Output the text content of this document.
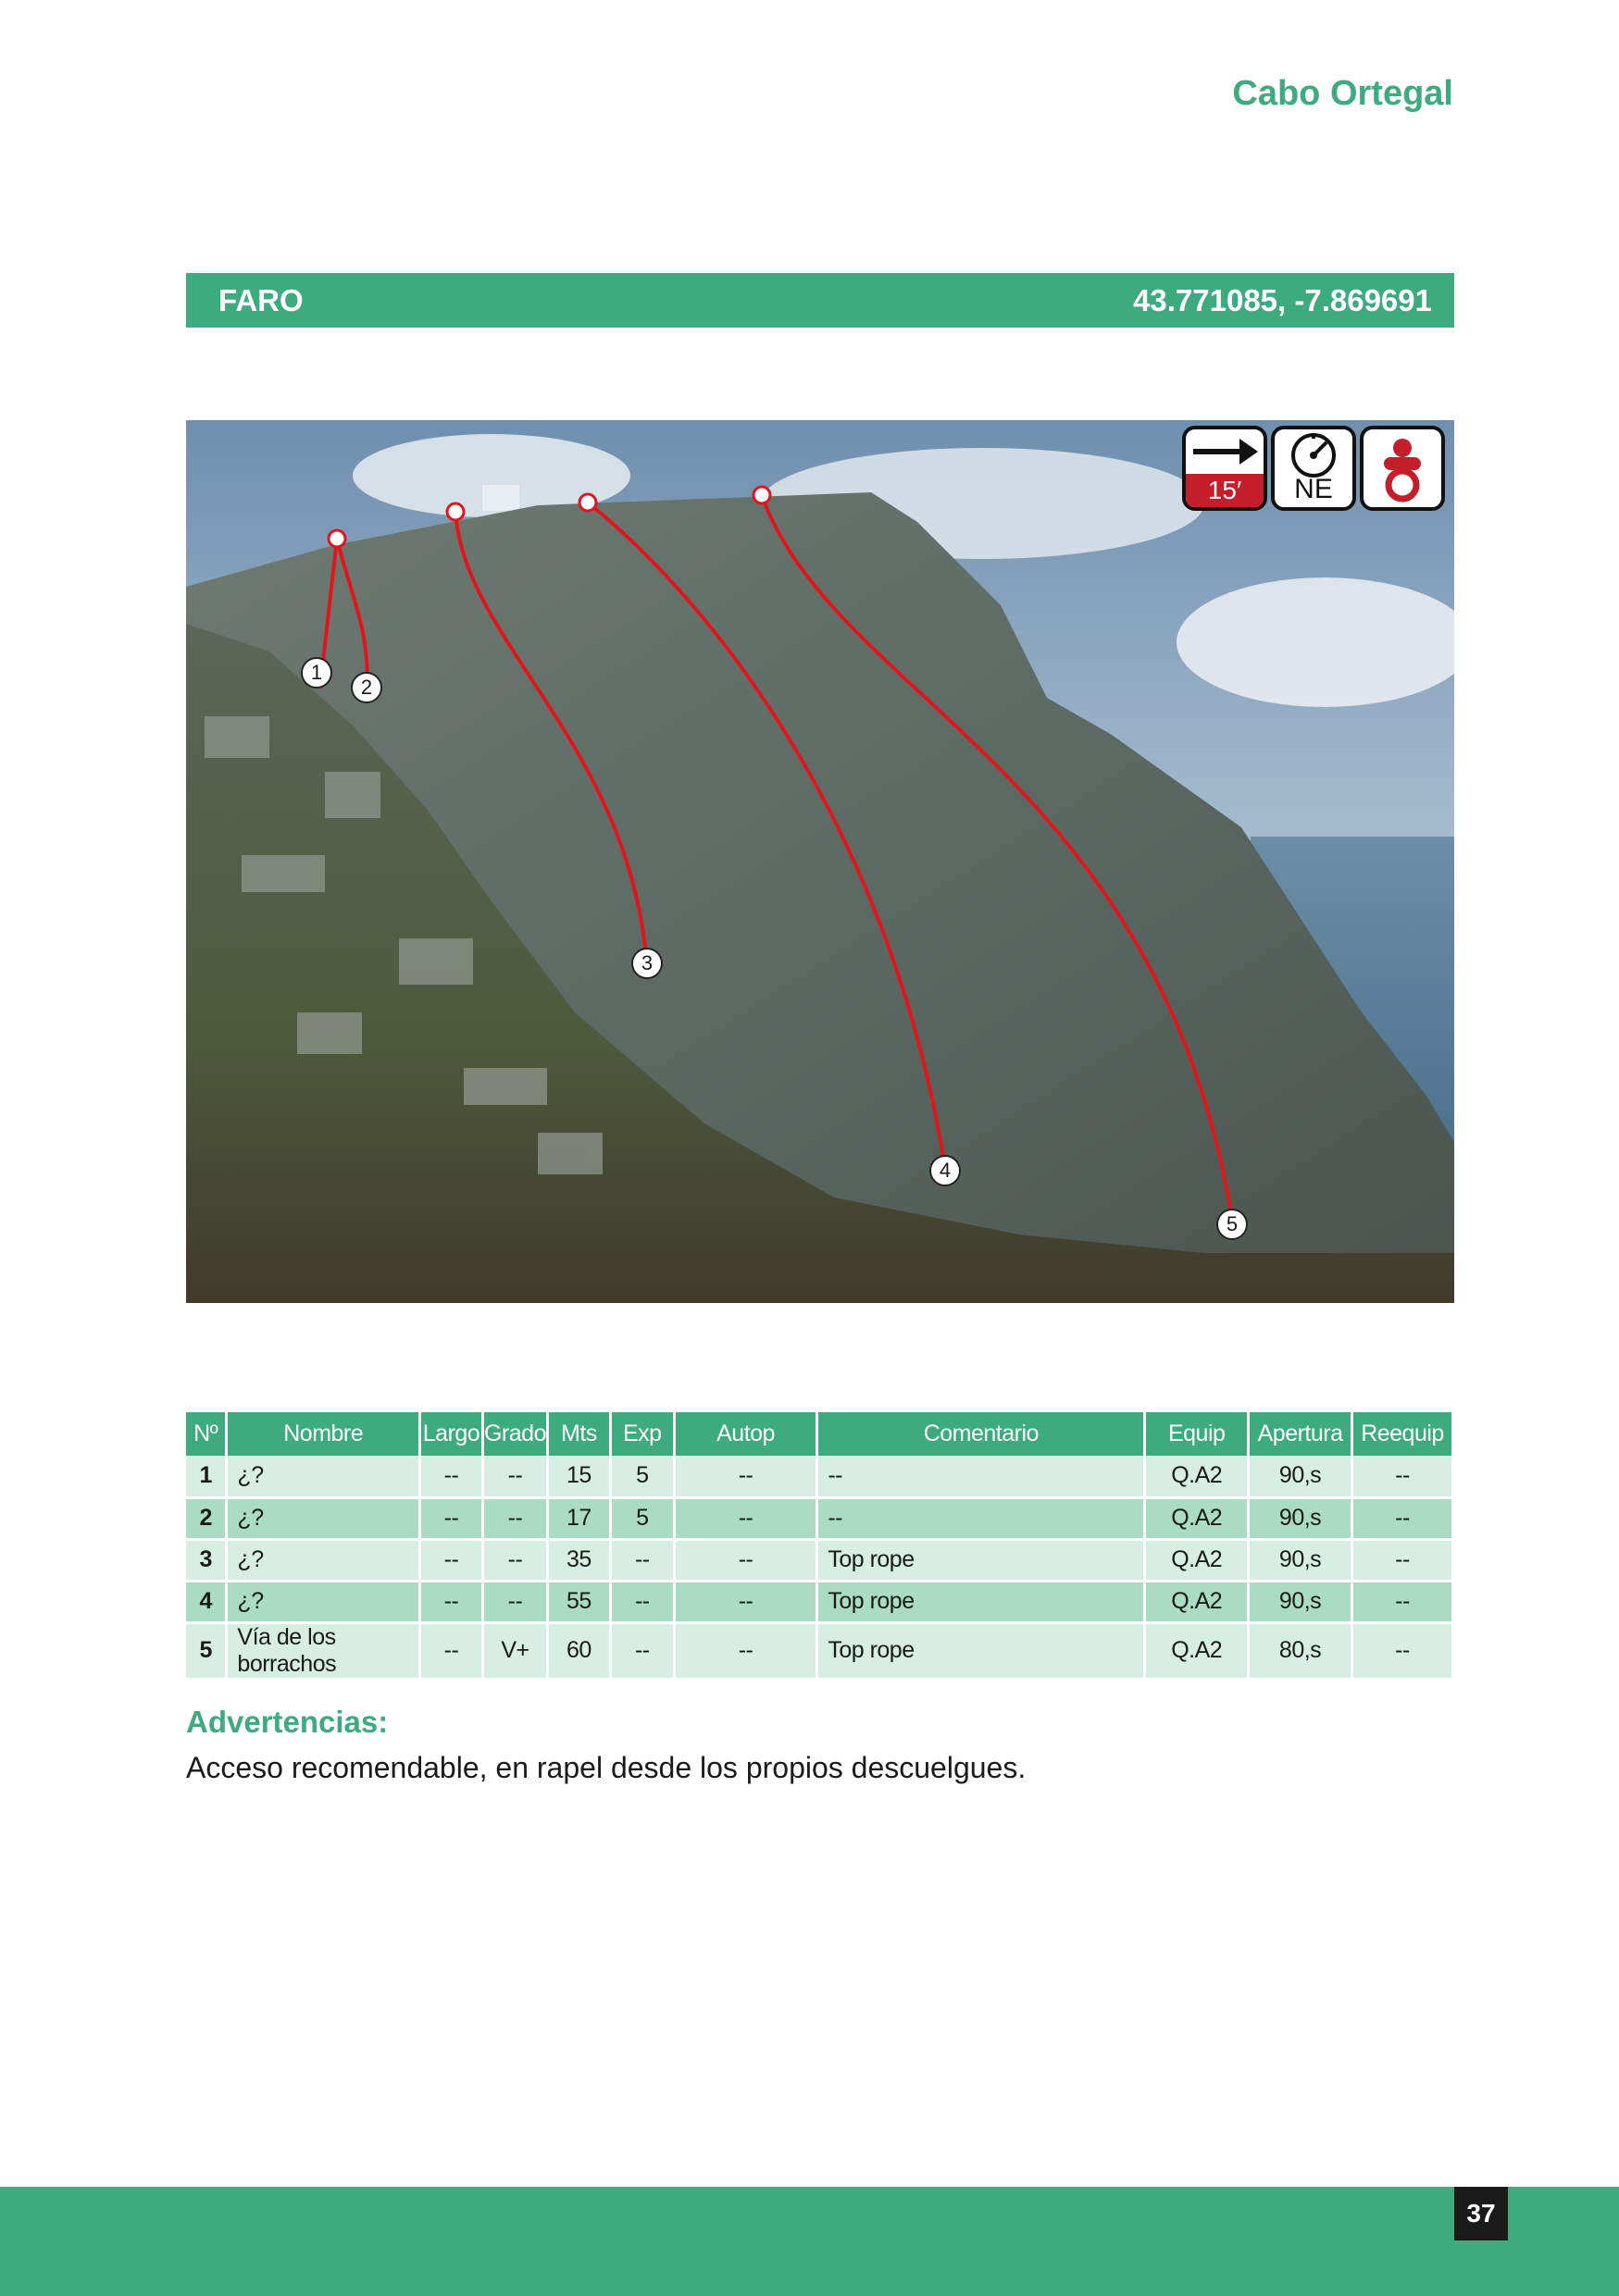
Cabo Ortegal
FARO	43.771085, -7.869691
1
2
3
4
5
15′	NE
Nº	Nombre	Largo	Grado	Mts	Exp	Autop	Comentario	Equip	Apertura	Reequip
1	¿?	--	--	15	5	--	--	Q.A2	90,s	--
2	¿?	--	--	17	5	--	--	Q.A2	90,s	--
3	¿?	--	--	35	--	--	Top rope	Q.A2	90,s	--
4	¿?	--	--	55	--	--	Top rope	Q.A2	90,s	--
5	Vía de los borrachos	--	V+	60	--	--	Top rope	Q.A2	80,s	--
Advertencias:
Acceso recomendable, en rapel desde los propios descuelgues.
37
